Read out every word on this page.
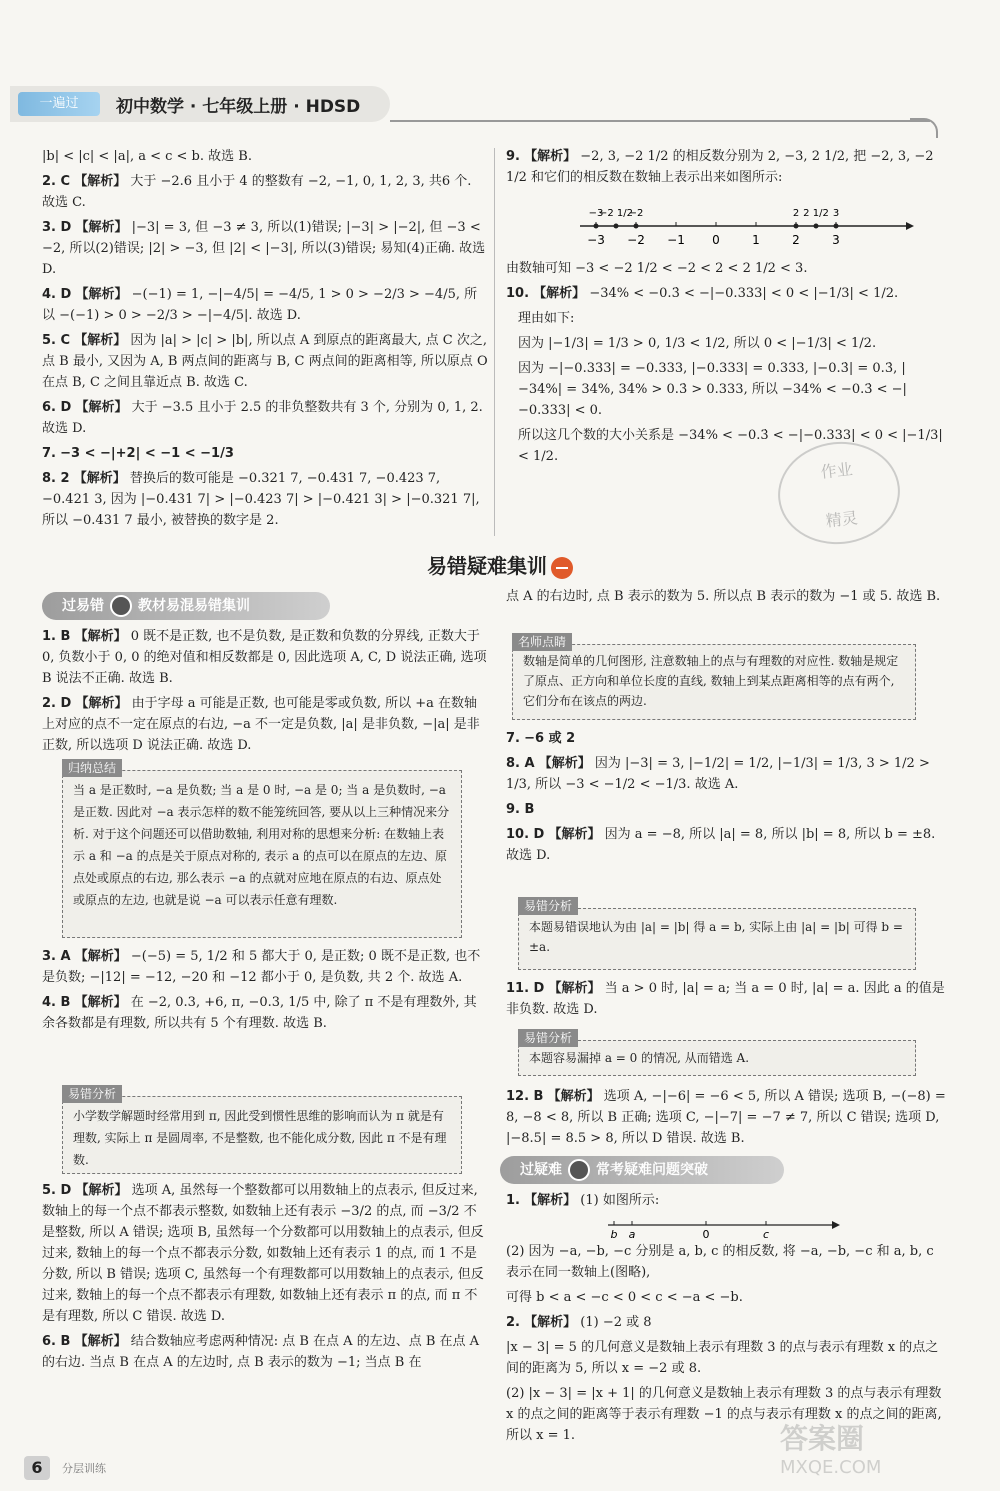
一遍过	初中数学 · 七年级上册 · HDSD

|b| < |c| < |a|, a < c < b. 故选 B.

2. C 【解析】 大于 −2.6 且小于 4 的整数有 −2, −1, 0, 1, 2, 3, 共6 个. 故选 C.

3. D 【解析】 |−3| = 3, 但 −3 ≠ 3, 所以(1)错误; |−3| > |−2|, 但 −3 < −2, 所以(2)错误; |2| > −3, 但 |2| < |−3|, 所以(3)错误; 易知(4)正确. 故选 D.

4. D 【解析】 −(−1) = 1, −|−4/5| = −4/5, 1 > 0 > −2/3 > −4/5, 所以 −(−1) > 0 > −2/3 > −|−4/5|. 故选 D.

5. C 【解析】 因为 |a| > |c| > |b|, 所以点 A 到原点的距离最大, 点 C 次之, 点 B 最小, 又因为 A, B 两点间的距离与 B, C 两点间的距离相等, 所以原点 O 在点 B, C 之间且靠近点 B. 故选 C.

6. D 【解析】 大于 −3.5 且小于 2.5 的非负整数共有 3 个, 分别为 0, 1, 2. 故选 D.

7. −3 < −|+2| < −1 < −1/3

8. 2 【解析】 替换后的数可能是 −0.321 7, −0.431 7, −0.423 7, −0.421 3, 因为 |−0.431 7| > |−0.423 7| > |−0.421 3| > |−0.321 7|, 所以 −0.431 7 最小, 被替换的数字是 2.

9. 【解析】 −2, 3, −2 1/2 的相反数分别为 2, −3, 2 1/2, 把 −2, 3, −2 1/2 和它们的相反数在数轴上表示出来如图所示:

−3 −2 −1 0	1	2	3
−3
−2 1/2
−2	2 2 1/2 3

由数轴可知 −3 < −2 1/2 < −2 < 2 < 2 1/2 < 3.

10. 【解析】 −34% < −0.3̇ < −|−0.333| < 0 < |−1/3| < 1/2.

理由如下:

因为 |−1/3| = 1/3 > 0, 1/3 < 1/2, 所以 0 < |−1/3| < 1/2.

因为 −|−0.333| = −0.333, |−0.333| = 0.333, |−0.3̇| = 0.3̇, |−34%| = 34%, 34% > 0.3̇ > 0.333, 所以 −34% < −0.3̇ < −|−0.333| < 0.

所以这几个数的大小关系是 −34% < −0.3̇ < −|−0.333| < 0 < |−1/3| < 1/2.

作业
精灵
易错疑难集训
过易错 教材易混易错集训

1. B 【解析】 0 既不是正数, 也不是负数, 是正数和负数的分界线, 正数大于 0, 负数小于 0, 0 的绝对值和相反数都是 0, 因此选项 A, C, D 说法正确, 选项 B 说法不正确. 故选 B.

2. D 【解析】 由于字母 a 可能是正数, 也可能是零或负数, 所以 +a 在数轴上对应的点不一定在原点的右边, −a 不一定是负数, |a| 是非负数, −|a| 是非正数, 所以选项 D 说法正确. 故选 D.

归纳总结
当 a 是正数时, −a 是负数; 当 a 是 0 时, −a 是 0; 当 a 是负数时, −a 是正数. 因此对 −a 表示怎样的数不能笼统回答, 要从以上三种情况来分析. 对于这个问题还可以借助数轴, 利用对称的思想来分析: 在数轴上表示 a 和 −a 的点是关于原点对称的, 表示 a 的点可以在原点的左边、原点处或原点的右边, 那么表示 −a 的点就对应地在原点的右边、原点处或原点的左边, 也就是说 −a 可以表示任意有理数.

3. A 【解析】 −(−5) = 5, 1/2 和 5 都大于 0, 是正数; 0 既不是正数, 也不是负数; −|12| = −12, −20 和 −12 都小于 0, 是负数, 共 2 个. 故选 A.

4. B 【解析】 在 −2, 0.3, +6, π, −0.3, 1/5 中, 除了 π 不是有理数外, 其余各数都是有理数, 所以共有 5 个有理数. 故选 B.

易错分析
小学数学解题时经常用到 π, 因此受到惯性思维的影响而认为 π 就是有理数, 实际上 π 是圆周率, 不是整数, 也不能化成分数, 因此 π 不是有理数.

5. D 【解析】 选项 A, 虽然每一个整数都可以用数轴上的点表示, 但反过来, 数轴上的每一个点不都表示整数, 如数轴上还有表示 −3/2 的点, 而 −3/2 不是整数, 所以 A 错误; 选项 B, 虽然每一个分数都可以用数轴上的点表示, 但反过来, 数轴上的每一个点不都表示分数, 如数轴上还有表示 1 的点, 而 1 不是分数, 所以 B 错误; 选项 C, 虽然每一个有理数都可以用数轴上的点表示, 但反过来, 数轴上的每一个点不都表示有理数, 如数轴上还有表示 π 的点, 而 π 不是有理数, 所以 C 错误. 故选 D.

6. B 【解析】 结合数轴应考虑两种情况: 点 B 在点 A 的左边、点 B 在点 A 的右边. 当点 B 在点 A 的左边时, 点 B 表示的数为 −1; 当点 B 在

点 A 的右边时, 点 B 表示的数为 5. 所以点 B 表示的数为 −1 或 5. 故选 B.

名师点睛
数轴是简单的几何图形, 注意数轴上的点与有理数的对应性. 数轴是规定了原点、正方向和单位长度的直线, 数轴上到某点距离相等的点有两个, 它们分布在该点的两边.

7. −6 或 2

8. A 【解析】 因为 |−3| = 3, |−1/2| = 1/2, |−1/3| = 1/3, 3 > 1/2 > 1/3, 所以 −3 < −1/2 < −1/3. 故选 A.

9. B

10. D 【解析】 因为 a = −8, 所以 |a| = 8, 所以 |b| = 8, 所以 b = ±8. 故选 D.

易错分析
本题易错误地认为由 |a| = |b| 得 a = b, 实际上由 |a| = |b| 可得 b = ±a.

11. D 【解析】 当 a > 0 时, |a| = a; 当 a = 0 时, |a| = a. 因此 a 的值是非负数. 故选 D.

易错分析
本题容易漏掉 a = 0 的情况, 从而错选 A.

12. B 【解析】 选项 A, −|−6| = −6 < 5, 所以 A 错误; 选项 B, −(−8) = 8, −8 < 8, 所以 B 正确; 选项 C, −|−7| = −7 ≠ 7, 所以 C 错误; 选项 D, |−8.5| = 8.5 > 8, 所以 D 错误. 故选 B.

过疑难 常考疑难问题突破

1. 【解析】 (1) 如图所示:

b a	0	c

(2) 因为 −a, −b, −c 分别是 a, b, c 的相反数, 将 −a, −b, −c 和 a, b, c 表示在同一数轴上(图略),

可得 b < a < −c < 0 < c < −a < −b.

2. 【解析】 (1) −2 或 8

|x − 3| = 5 的几何意义是数轴上表示有理数 3 的点与表示有理数 x 的点之间的距离为 5, 所以 x = −2 或 8.

(2) |x − 3| = |x + 1| 的几何意义是数轴上表示有理数 3 的点与表示有理数 x 的点之间的距离等于表示有理数 −1 的点与表示有理数 x 的点之间的距离, 所以 x = 1.

6	分层训练
答案圈
MXQE.COM
